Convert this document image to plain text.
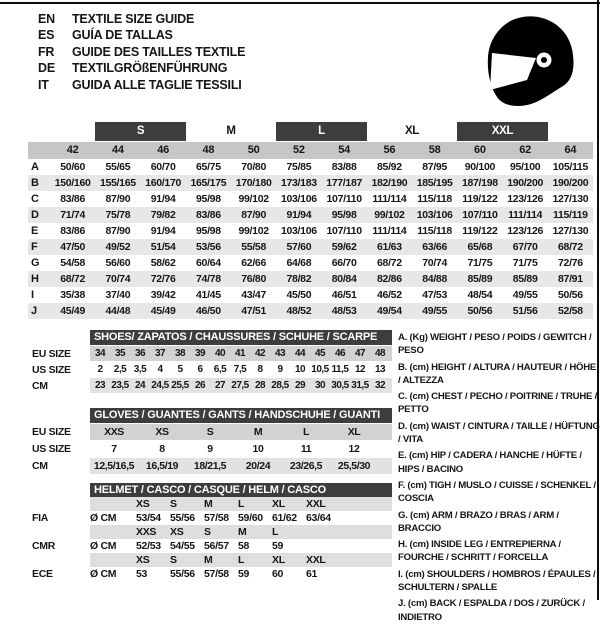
EN	TEXTILE SIZE GUIDE
ES	GUÍA DE TALLAS
FR	GUIDE DES TAILLES TEXTILE
DE	TEXTILGRÖßENFÜHRUNG
IT	GUIDA ALLE TAGLIE TESSILI
S	M	L	XL	XXL
42	44	46	48	50	52	54	56	58	60	62	64
A	50/60	55/65	60/70	65/75	70/80	75/85	83/88	85/92	87/95	90/100	95/100	105/115
B	150/160 155/165 160/170 165/175 170/180 173/183 177/187 182/190 185/195 187/198 190/200 190/200
C	83/86	87/90	91/94	95/98	99/102	103/106 107/110	111/114	115/118 119/122 123/126 127/130
D	71/74	75/78	79/82	83/86	87/90	91/94	95/98	99/102	103/106 107/110	111/114	115/119
E	83/86	87/90	91/94	95/98	99/102	103/106 107/110	111/114	115/118 119/122 123/126 127/130
F	47/50	49/52	51/54	53/56	55/58	57/60	59/62	61/63	63/66	65/68	67/70	68/72
G	54/58	56/60	58/62	60/64	62/66	64/68	66/70	68/72	70/74	71/75	71/75	72/76
H	68/72	70/74	72/76	74/78	76/80	78/82	80/84	82/86	84/88	85/89	85/89	87/91
I	35/38	37/40	39/42	41/45	43/47	45/50	46/51	46/52	47/53	48/54	49/55	50/56
J	45/49	44/48	45/49	46/50	47/51	48/52	48/53	49/54	49/55	50/56	51/56	52/58
SHOES/ ZAPATOS / CHAUSSURES / SCHUHE / SCARPE
EU SIZE	34 35 36 37 38 39 40 41 42 43 44 45 46 47 48
US SIZE	2	2,5 3,5	4	5	6	6,5 7,5	8	9	10 10,5 11,5 12 13
CM	23 23,5 24 24,5 25,5 26 27 27,5 28 28,5 29 30 30,5 31,5 32
GLOVES / GUANTES / GANTS / HANDSCHUHE / GUANTI
EU SIZE	XXS	XS	S	M	L	XL
US SIZE	7	8	9	10	11	12
CM	12,5/16,5	16,5/19	18/21,5	20/24	23/26,5	25,5/30
HELMET / CASCO / CASQUE / HELM / CASCO
XS	S	M	L	XL	XXL
FIA	Ø CM	53/54 55/56 57/58 59/60 61/62 63/64
XXS	XS	S	M	L
CMR	Ø CM	52/53 54/55 56/57 58	59
XS	S	M	L	XL	XXL
ECE	Ø CM	53	55/56 57/58 59	60	61
A. (Kg) WEIGHT / PESO / POIDS / GEWITCH / PESO
B. (cm) HEIGHT / ALTURA / HAUTEUR / HÖHE / ALTEZZA
C. (cm) CHEST / PECHO / POITRINE / TRUHE / PETTO
D. (cm) WAIST / CINTURA / TAILLE / HÜFTUNG / VITA
E. (cm) HIP / CADERA / HANCHE / HÜFTE / HIPS / BACINO
F. (cm) TIGH / MUSLO / CUISSE / SCHENKEL / COSCIA
G. (cm) ARM / BRAZO / BRAS / ARM / BRACCIO
H. (cm) INSIDE LEG / ENTREPIERNA / FOURCHE / SCHRITT / FORCELLA
I. (cm) SHOULDERS / HOMBROS / ÉPAULES / SCHULTERN / SPALLE
J. (cm) BACK / ESPALDA / DOS / ZURÜCK / INDIETRO
